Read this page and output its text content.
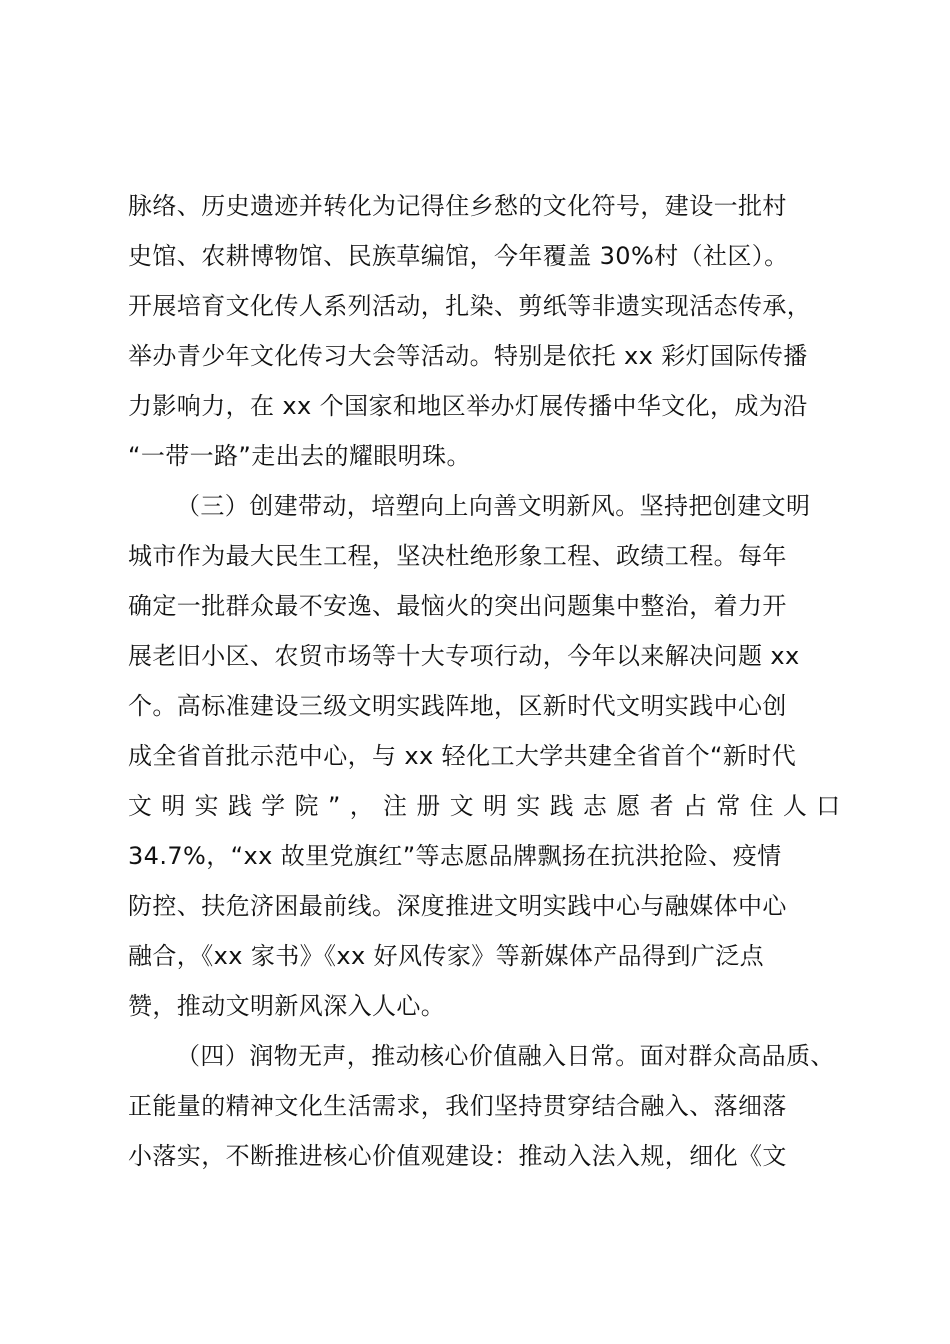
脉络、历史遗迹并转化为记得住乡愁的文化符号，建设一批村
史馆、农耕博物馆、民族草编馆，今年覆盖 30%村（社区）。
开展培育文化传人系列活动，扎染、剪纸等非遗实现活态传承，
举办青少年文化传习大会等活动。特别是依托 xx 彩灯国际传播
力影响力，在 xx 个国家和地区举办灯展传播中华文化，成为沿
“一带一路”走出去的耀眼明珠。
（三）创建带动，培塑向上向善文明新风。坚持把创建文明
城市作为最大民生工程，坚决杜绝形象工程、政绩工程。每年
确定一批群众最不安逸、最恼火的突出问题集中整治，着力开
展老旧小区、农贸市场等十大专项行动，今年以来解决问题 xx
个。高标准建设三级文明实践阵地，区新时代文明实践中心创
成全省首批示范中心，与 xx 轻化工大学共建全省首个“新时代
文明实践学院”，注册文明实践志愿者占常住人口
34.7%，“xx 故里党旗红”等志愿品牌飘扬在抗洪抢险、疫情
防控、扶危济困最前线。深度推进文明实践中心与融媒体中心
融合，《xx 家书》《xx 好风传家》等新媒体产品得到广泛点
赞，推动文明新风深入人心。
（四）润物无声，推动核心价值融入日常。面对群众高品质、
正能量的精神文化生活需求，我们坚持贯穿结合融入、落细落
小落实，不断推进核心价值观建设：推动入法入规，细化《文
